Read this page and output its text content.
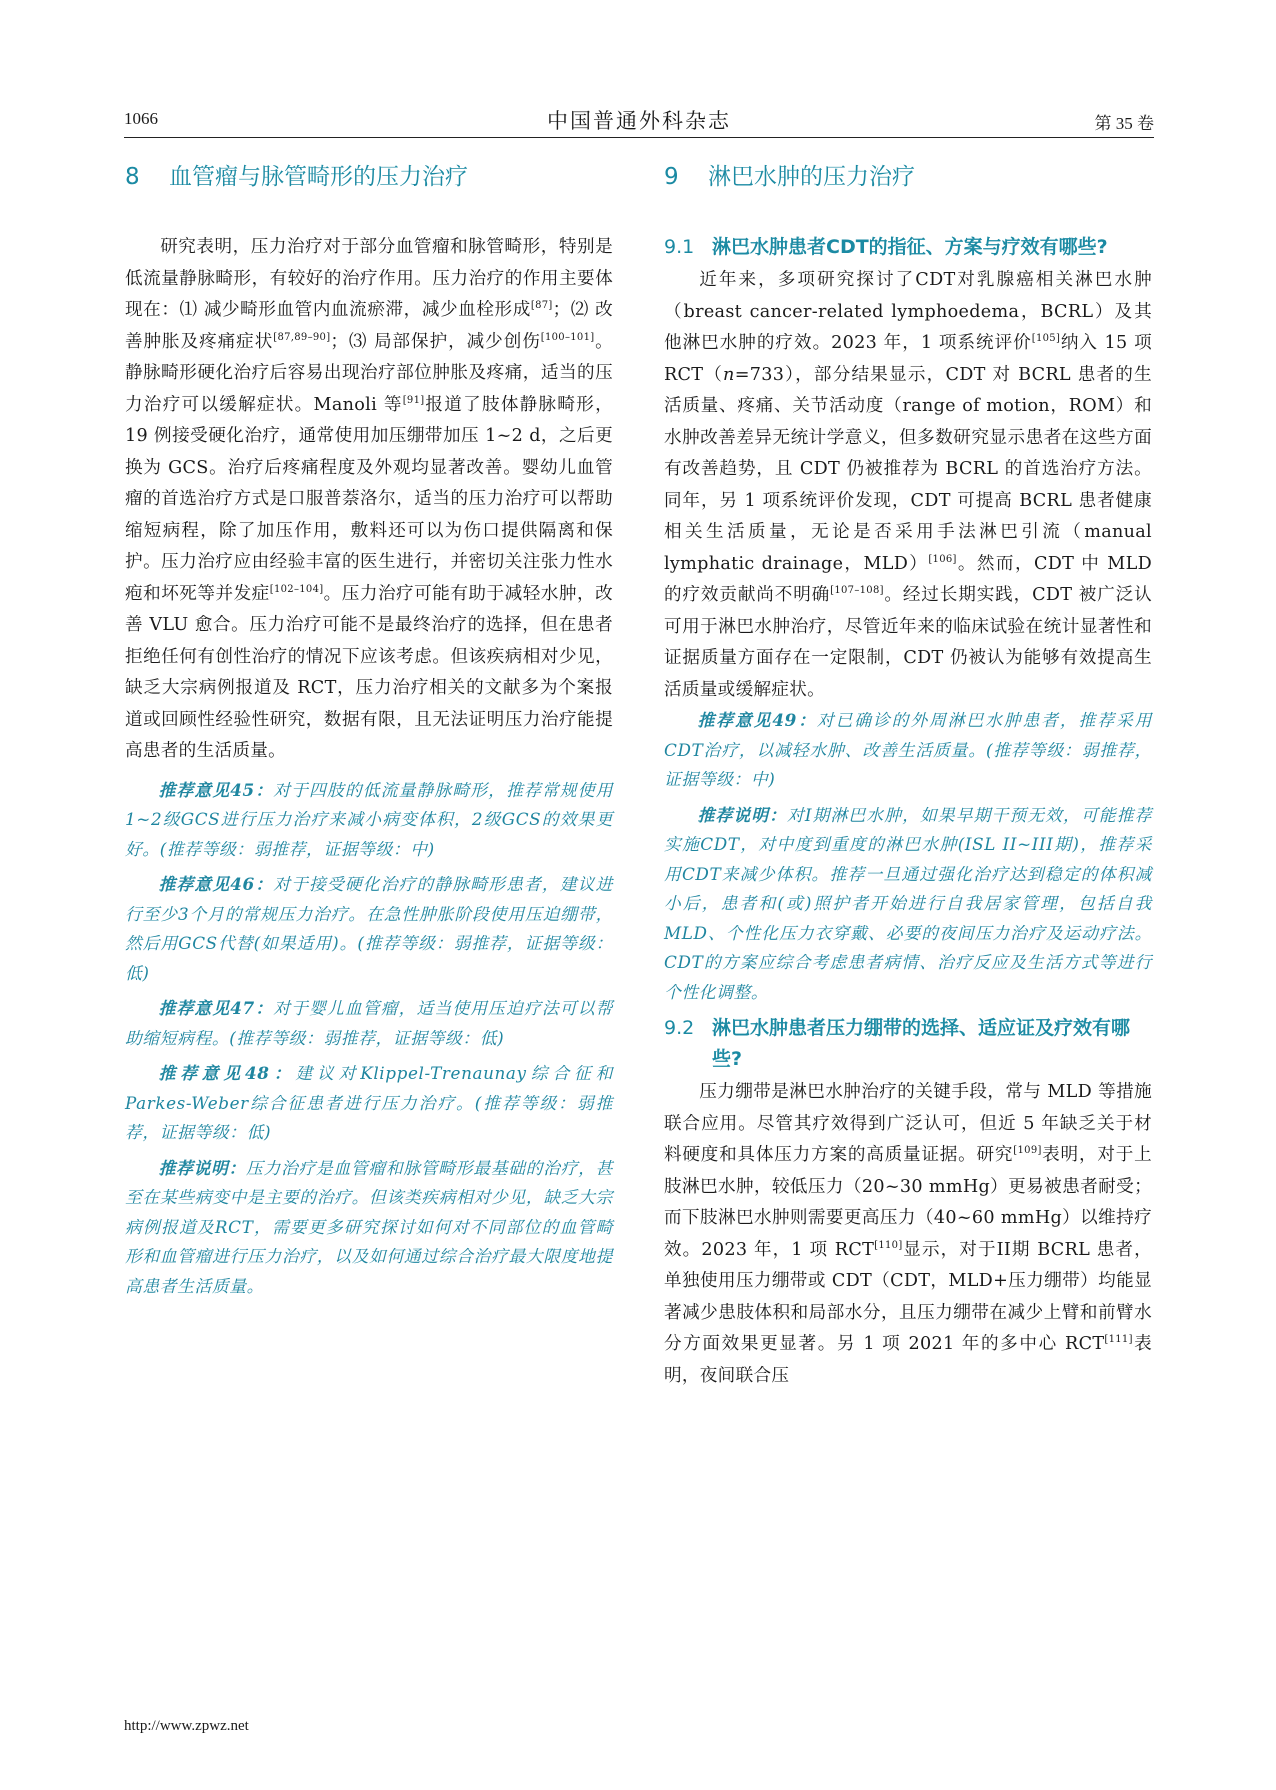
1066	中国普通外科杂志	第 35 卷
8 血管瘤与脉管畸形的压力治疗

研究表明，压力治疗对于部分血管瘤和脉管畸形，特别是低流量静脉畸形，有较好的治疗作用。压力治疗的作用主要体现在：⑴ 减少畸形血管内血流瘀滞，减少血栓形成[87]；⑵ 改善肿胀及疼痛症状[87,89–90]；⑶ 局部保护，减少创伤[100–101]。静脉畸形硬化治疗后容易出现治疗部位肿胀及疼痛，适当的压力治疗可以缓解症状。Manoli 等[91]报道了肢体静脉畸形，19 例接受硬化治疗，通常使用加压绷带加压 1~2 d，之后更换为 GCS。治疗后疼痛程度及外观均显著改善。婴幼儿血管瘤的首选治疗方式是口服普萘洛尔，适当的压力治疗可以帮助缩短病程，除了加压作用，敷料还可以为伤口提供隔离和保护。压力治疗应由经验丰富的医生进行，并密切关注张力性水疱和坏死等并发症[102–104]。压力治疗可能有助于减轻水肿，改善 VLU 愈合。压力治疗可能不是最终治疗的选择，但在患者拒绝任何有创性治疗的情况下应该考虑。但该疾病相对少见，缺乏大宗病例报道及 RCT，压力治疗相关的文献多为个案报道或回顾性经验性研究，数据有限，且无法证明压力治疗能提高患者的生活质量。

推荐意见45：对于四肢的低流量静脉畸形，推荐常规使用1~2级GCS进行压力治疗来减小病变体积，2级GCS的效果更好。(推荐等级：弱推荐，证据等级：中)

推荐意见46：对于接受硬化治疗的静脉畸形患者，建议进行至少3个月的常规压力治疗。在急性肿胀阶段使用压迫绷带，然后用GCS代替(如果适用)。(推荐等级：弱推荐，证据等级：低)

推荐意见47：对于婴儿血管瘤，适当使用压迫疗法可以帮助缩短病程。(推荐等级：弱推荐，证据等级：低)

推荐意见48：建议对Klippel-Trenaunay综合征和Parkes-Weber综合征患者进行压力治疗。(推荐等级：弱推荐，证据等级：低)

推荐说明：压力治疗是血管瘤和脉管畸形最基础的治疗，甚至在某些病变中是主要的治疗。但该类疾病相对少见，缺乏大宗病例报道及RCT，需要更多研究探讨如何对不同部位的血管畸形和血管瘤进行压力治疗，以及如何通过综合治疗最大限度地提高患者生活质量。

9 淋巴水肿的压力治疗
9.1 淋巴水肿患者CDT的指征、方案与疗效有哪些?

近年来，多项研究探讨了CDT对乳腺癌相关淋巴水肿（breast cancer-related lymphoedema，BCRL）及其他淋巴水肿的疗效。2023 年，1 项系统评价[105]纳入 15 项 RCT（n=733），部分结果显示，CDT 对 BCRL 患者的生活质量、疼痛、关节活动度（range of motion，ROM）和水肿改善差异无统计学意义，但多数研究显示患者在这些方面有改善趋势，且 CDT 仍被推荐为 BCRL 的首选治疗方法。同年，另 1 项系统评价发现，CDT 可提高 BCRL 患者健康相关生活质量，无论是否采用手法淋巴引流（manual lymphatic drainage，MLD）[106]。然而，CDT 中 MLD 的疗效贡献尚不明确[107–108]。经过长期实践，CDT 被广泛认可用于淋巴水肿治疗，尽管近年来的临床试验在统计显著性和证据质量方面存在一定限制，CDT 仍被认为能够有效提高生活质量或缓解症状。

推荐意见49：对已确诊的外周淋巴水肿患者，推荐采用CDT治疗，以减轻水肿、改善生活质量。(推荐等级：弱推荐，证据等级：中)

推荐说明：对I期淋巴水肿，如果早期干预无效，可能推荐实施CDT，对中度到重度的淋巴水肿(ISL II~III期)，推荐采用CDT来减少体积。推荐一旦通过强化治疗达到稳定的体积减小后，患者和(或)照护者开始进行自我居家管理，包括自我MLD、个性化压力衣穿戴、必要的夜间压力治疗及运动疗法。CDT的方案应综合考虑患者病情、治疗反应及生活方式等进行个性化调整。

9.2 淋巴水肿患者压力绷带的选择、适应证及疗效有哪些?

压力绷带是淋巴水肿治疗的关键手段，常与 MLD 等措施联合应用。尽管其疗效得到广泛认可，但近 5 年缺乏关于材料硬度和具体压力方案的高质量证据。研究[109]表明，对于上肢淋巴水肿，较低压力（20~30 mmHg）更易被患者耐受；而下肢淋巴水肿则需要更高压力（40~60 mmHg）以维持疗效。2023 年，1 项 RCT[110]显示，对于II期 BCRL 患者，单独使用压力绷带或 CDT（CDT，MLD+压力绷带）均能显著减少患肢体积和局部水分，且压力绷带在减少上臂和前臂水分方面效果更显著。另 1 项 2021 年的多中心 RCT[111]表明，夜间联合压

http://www.zpwz.net
